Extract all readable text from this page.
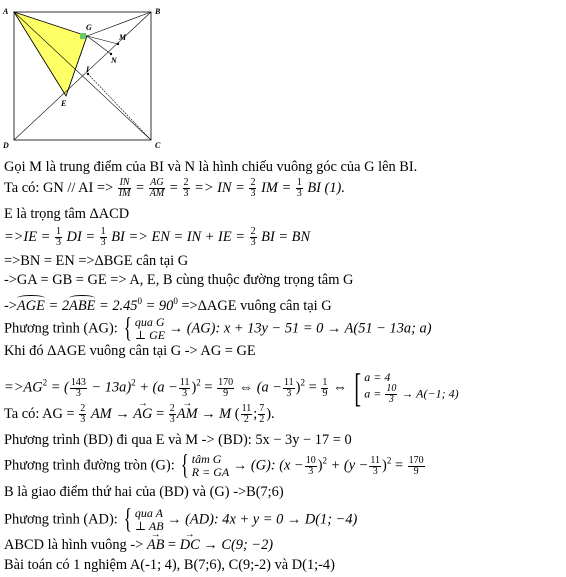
A	B
C
D
G
M
N
I
E
Gọi M là trung điểm của BI và N là hình chiếu vuông góc của G lên BI.
Ta có: GN // AI => $\frac{IN}{IM} = \frac{AG}{AM} = \frac{2}{3}$ => IN = $\frac{2}{3}$ IM = $\frac{1}{3}$ BI (1).
E là trọng tâm ΔACD
$=>IE = \frac{1}{3}$ DI = $\frac{1}{3}$ BI => EN = IN + IE = $\frac{2}{3}$ BI = BN
=>BN = EN =>ΔBGE cân tại G
->GA = GB = GE => A, E, B cùng thuộc đường trọng tâm G
$->AGE = 2ABE = 2.45^0 = 90^0 =>\Delta AGE$ vuông cân tại G
Phương trình (AG): { qua G
⊥ GE → (AG): x + 13y − 51 = 0 → A(51 − 13a; a)
Khi đó ΔAGE vuông cân tại G -> AG = GE
$=>AG^2$ = ( $\frac{143}{3} - 13a)^2 + (a - \frac{11}{3} )^2 = \frac{170}{9}$ ⇔ $(a - \frac{11}{3} )^2 = \frac{1}{9}$ ⇔ [ a = 4
$a = \frac{10}{3} \to A(-1$; 4)
Ta có: AG = $\frac{2}{3}$ AM → → AG = $\frac{2}{3}$ → AM → M ( $\frac{11}{2}$ ; $\frac{7}{2}$ ).
Phương trình (BD) đi qua E và M -> (BD): 5x − 3y − 17 = 0
Phương trình đường tròn (G): { tâm G
R = GA → (G): $(x - \frac{10}{3} )^2 + (y - \frac{11}{3} )^2 = \frac{170}{9}$
B là giao điểm thứ hai của (BD) và (G) ->B(7;6)
Phương trình (AD): { qua A
⊥ AB → (AD): 4x + y = 0 → D(1; −4)
ABCD là hình vuông -> → AB = → DC → C(9; −2)
Bài toán có 1 nghiệm A(-1; 4), B(7;6), C(9;-2) và D(1;-4)
